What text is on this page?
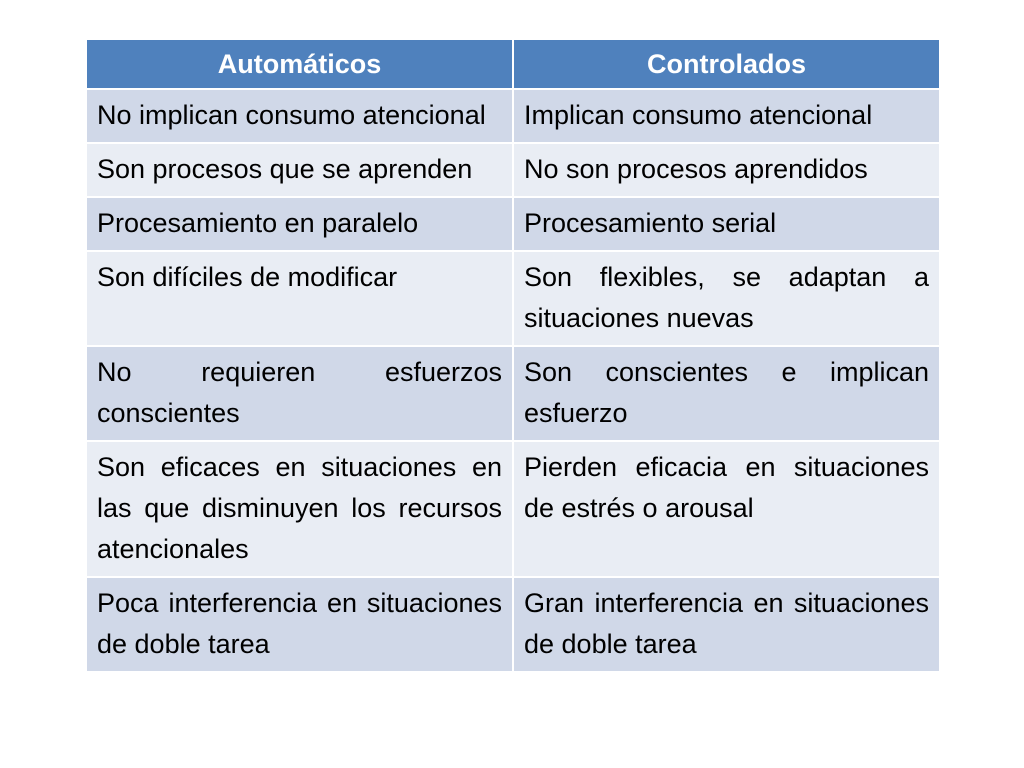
Automáticos	Controlados
No implican consumo atencional	Implican consumo atencional
Son procesos que se aprenden	No son procesos aprendidos
Procesamiento en paralelo	Procesamiento serial
Son difíciles de modificar	Son flexibles, se adaptan a situaciones nuevas
No requieren esfuerzos conscientes	Son conscientes e implican esfuerzo
Son eficaces en situaciones en las que disminuyen los recursos atencionales	Pierden eficacia en situaciones de estrés o arousal
Poca interferencia en situaciones de doble tarea	Gran interferencia en situaciones de doble tarea
